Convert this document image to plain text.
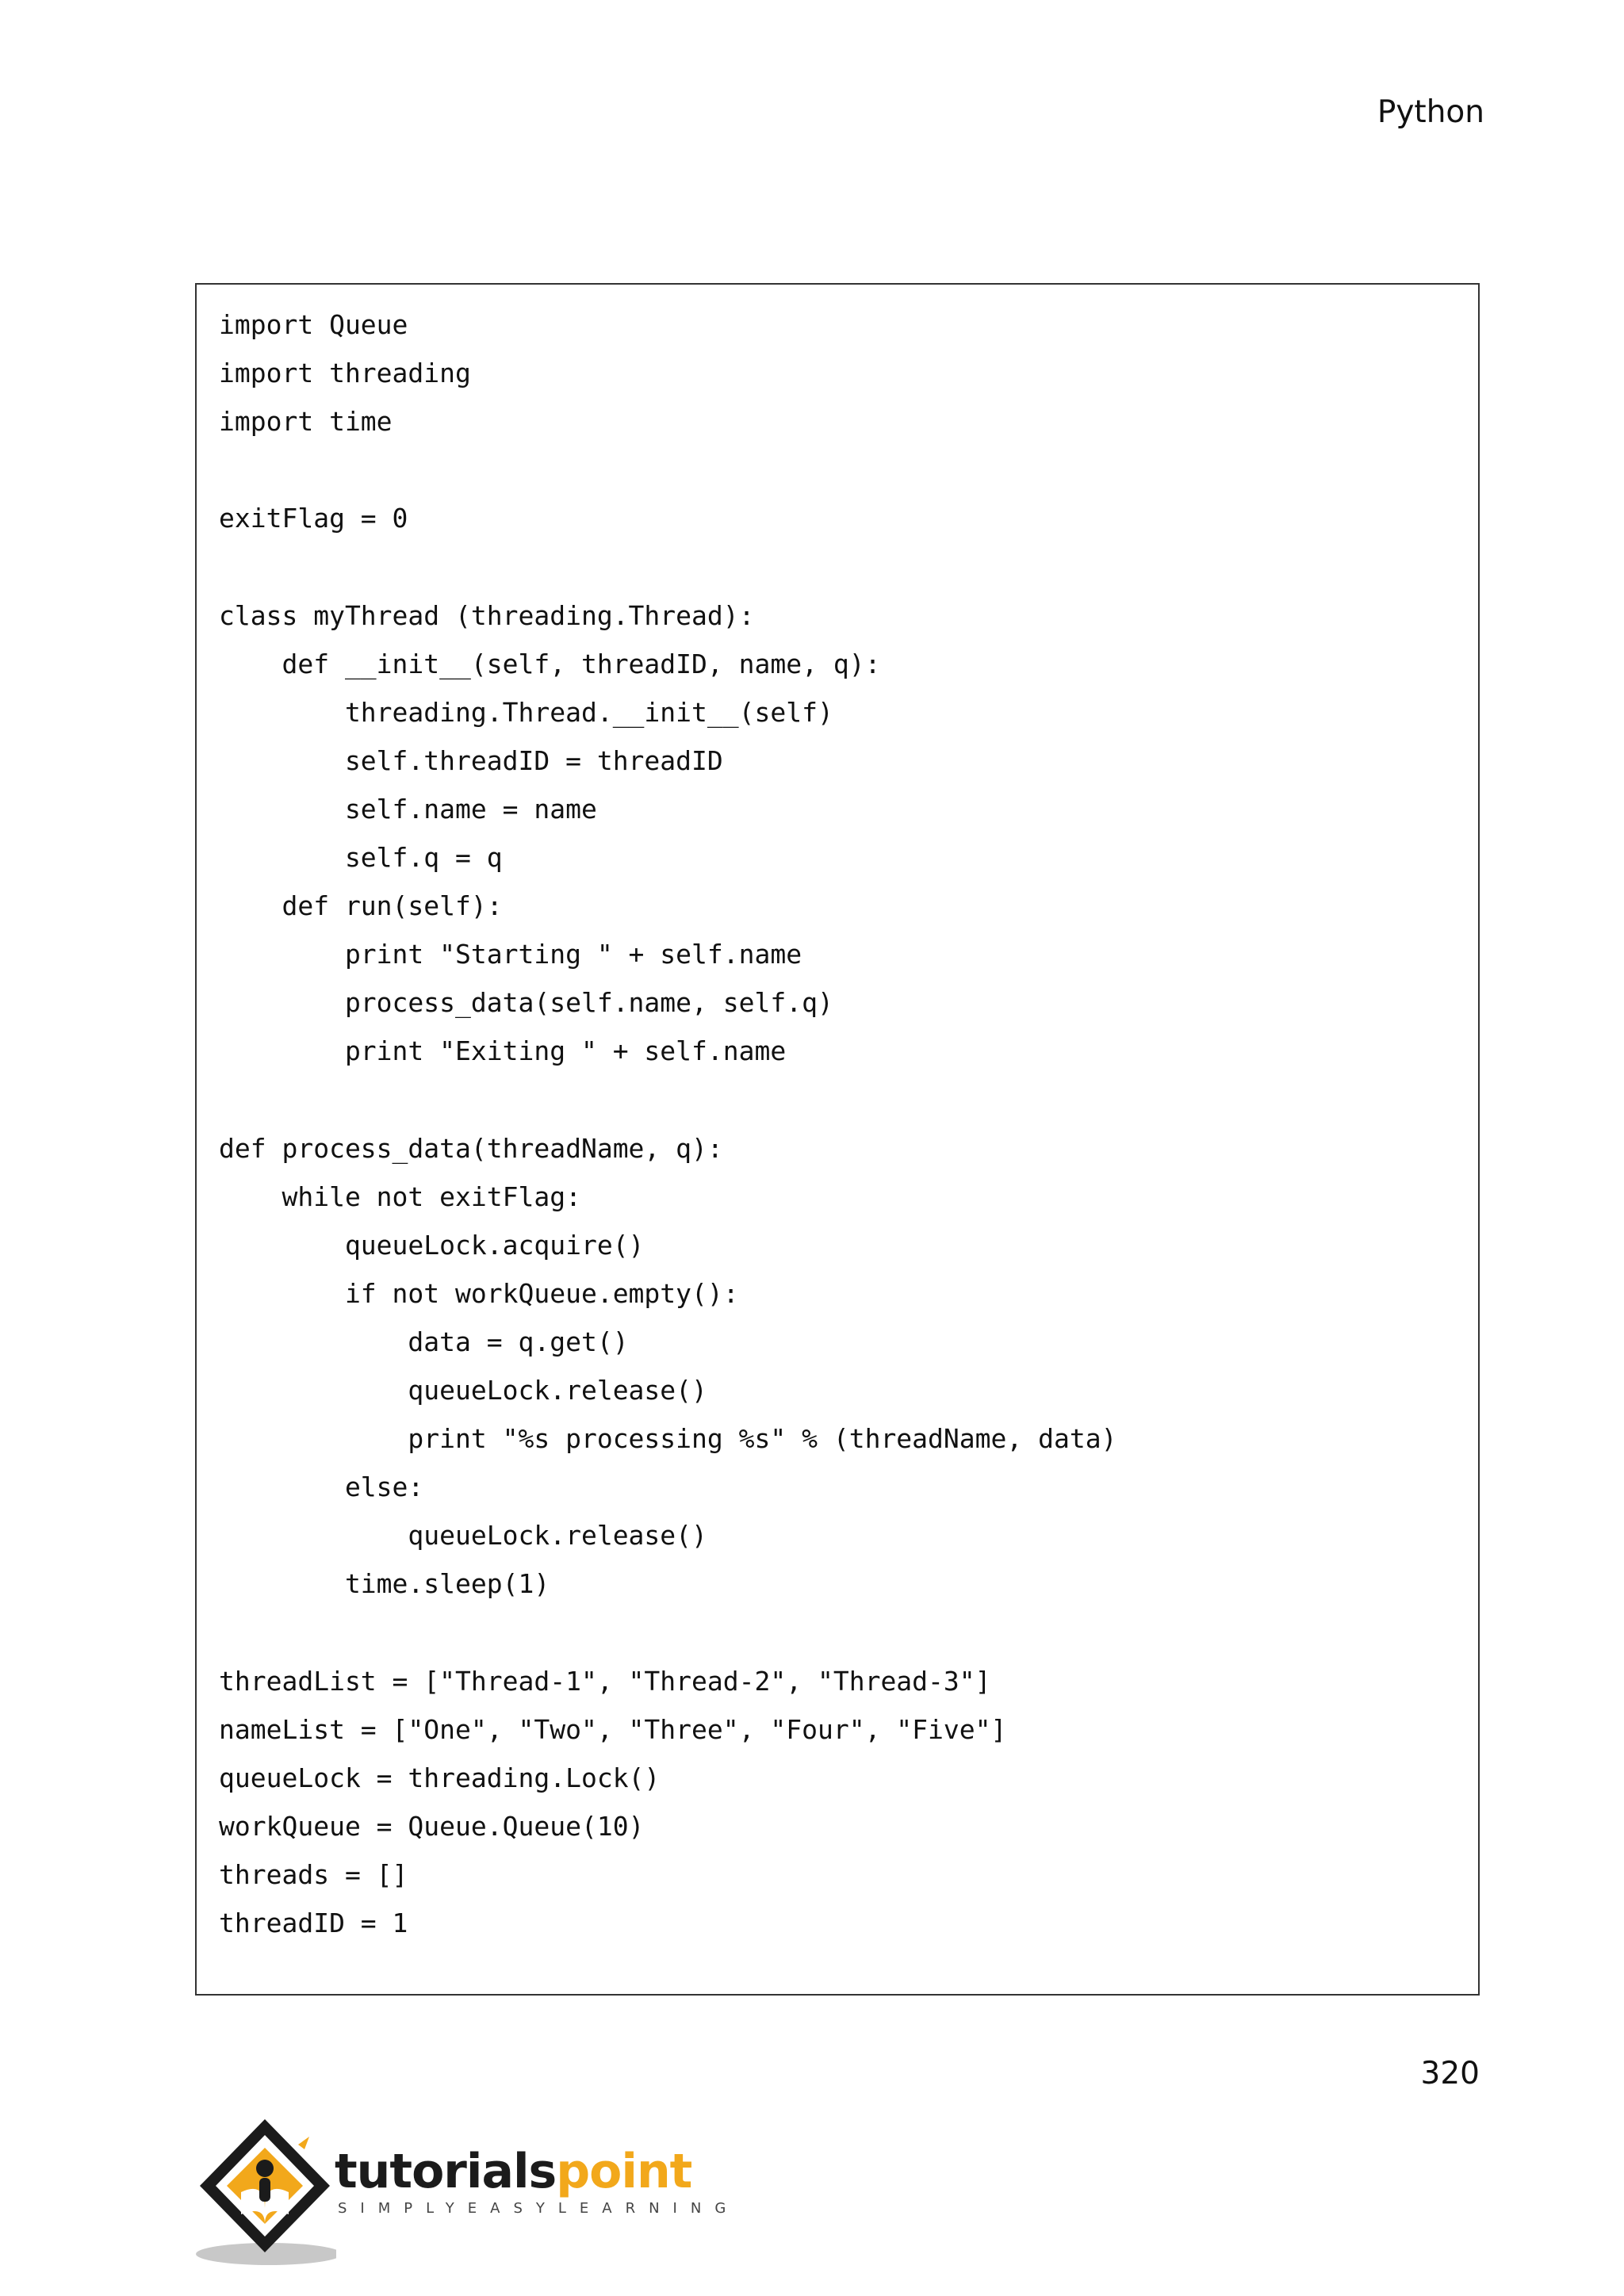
Python
import Queue
import threading
import time
exitFlag = 0
class myThread (threading.Thread):
def __init__(self, threadID, name, q):
threading.Thread.__init__(self)
self.threadID = threadID
self.name = name
self.q = q
def run(self):
print "Starting " + self.name
process_data(self.name, self.q)
print "Exiting " + self.name
def process_data(threadName, q):
while not exitFlag:
queueLock.acquire()
if not workQueue.empty():
data = q.get()
queueLock.release()
print "%s processing %s" % (threadName, data)
else:
queueLock.release()
time.sleep(1)
threadList = ["Thread-1", "Thread-2", "Thread-3"]
nameList = ["One", "Two", "Three", "Four", "Five"]
queueLock = threading.Lock()
workQueue = Queue.Queue(10)
threads = []
threadID = 1
320
tutorialspoint
SIMPLYEASYLEARNING
